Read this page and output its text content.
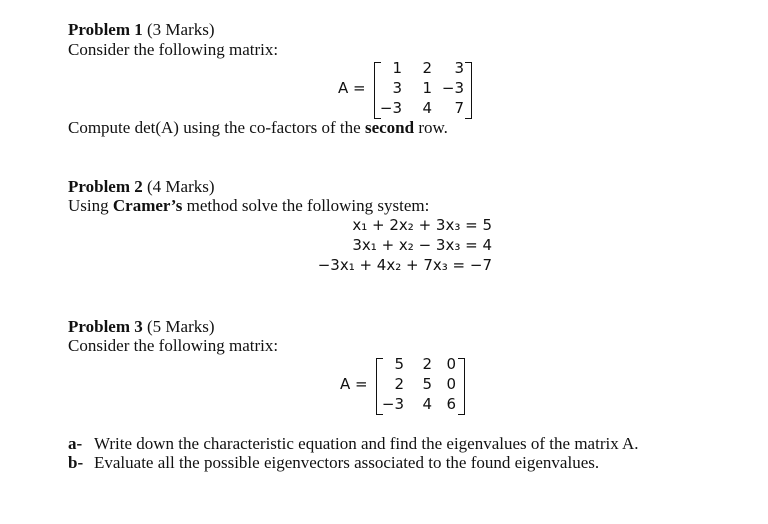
Problem 1 (3 Marks)
Consider the following matrix:
A =
1	2	3
3	1 −3
−3	4	7
Compute det(A) using the co-factors of the second row.
Problem 2 (4 Marks)
Using Cramer’s method solve the following system:
x₁ + 2x₂ + 3x₃ = 5
3x₁ + x₂ − 3x₃ = 4
−3x₁ + 4x₂ + 7x₃ = −7
Problem 3 (5 Marks)
Consider the following matrix:
A =
5	2 0
2	5 0
−3	4 6
a- Write down the characteristic equation and find the eigenvalues of the matrix A.
b- Evaluate all the possible eigenvectors associated to the found eigenvalues.
